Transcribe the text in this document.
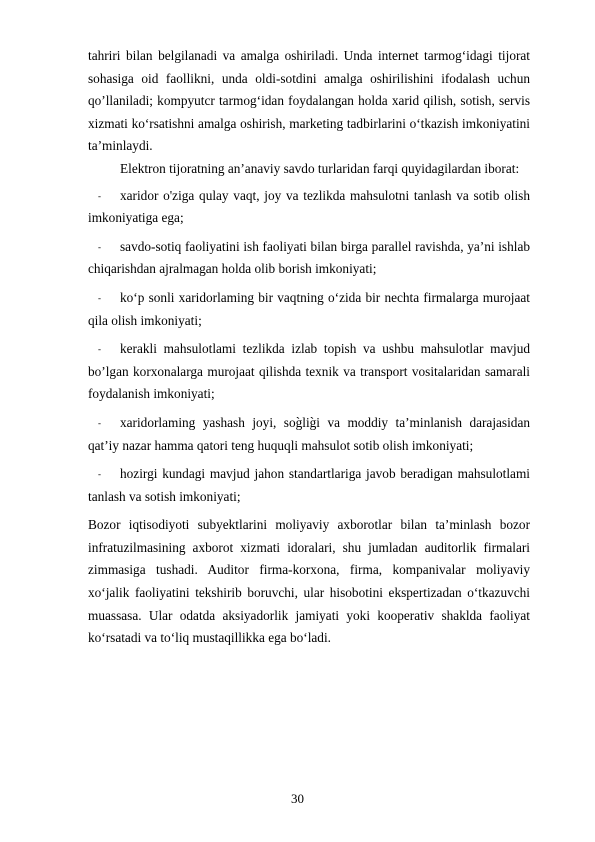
tahriri bilan belgilanadi va amalga oshiriladi. Unda internet tarmog‘idagi tijorat sohasiga oid faollikni, unda oldi-sotdini amalga oshirilishini ifodalash uchun qo’llaniladi; kompyutcr tarmog‘idan foydalangan holda xarid qilish, sotish, servis xizmati ko‘rsatishni amalga oshirish, marketing tadbirlarini o‘tkazish imkoniyatini ta’minlaydi.

Elektron tijoratning an’anaviy savdo turlaridan farqi quyidagilardan iborat:

- xaridor o'ziga qulay vaqt, joy va tezlikda mahsulotni tanlash va sotib olish imkoniyatiga ega;
- savdo-sotiq faoliyatini ish faoliyati bilan birga parallel ravishda, ya’ni ishlab chiqarishdan ajralmagan holda olib borish imkoniyati;
- ko‘p sonli xaridorlaming bir vaqtning o‘zida bir nechta firmalarga murojaat qila olish imkoniyati;
- kerakli mahsulotlami tezlikda izlab topish va ushbu mahsulotlar mavjud bo’lgan korxonalarga murojaat qilishda texnik va transport vositalaridan samarali foydalanish imkoniyati;
- xaridorlaming yashash joyi, sog̀lig̀i va moddiy ta’minlanish darajasidan qat’iy nazar hamma qatori teng huquqli mahsulot sotib olish imkoniyati;
- hozirgi kundagi mavjud jahon standartlariga javob beradigan mahsulotlami tanlash va sotish imkoniyati;

Bozor iqtisodiyoti subyektlarini moliyaviy axborotlar bilan ta’minlash bozor infratuzilmasining axborot xizmati idoralari, shu jumladan auditorlik firmalari zimmasiga tushadi. Auditor firma-korxona, firma, kompanivalar moliyaviy xo‘jalik faoliyatini tekshirib boruvchi, ular hisobotini ekspertizadan o‘tkazuvchi muassasa. Ular odatda aksiyadorlik jamiyati yoki kooperativ shaklda faoliyat ko‘rsatadi va to‘liq mustaqillikka ega bo‘ladi.

30
